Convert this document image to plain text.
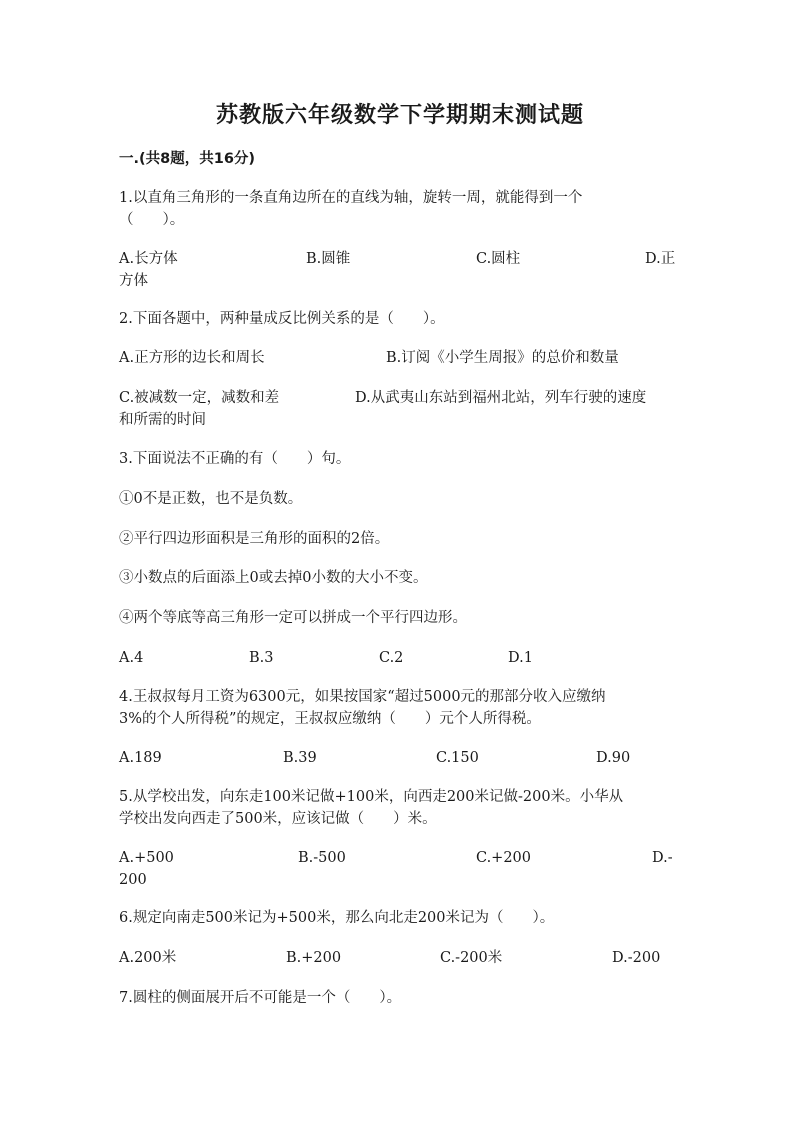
苏教版六年级数学下学期期末测试题
一.(共8题，共16分)
1.以直角三角形的一条直角边所在的直线为轴，旋转一周，就能得到一个
（　　）。
A.长方体	B.圆锥	C.圆柱	D.正
方体
2.下面各题中，两种量成反比例关系的是（　　）。
A.正方形的边长和周长	B.订阅《小学生周报》的总价和数量
C.被减数一定，减数和差	D.从武夷山东站到福州北站，列车行驶的速度
和所需的时间
3.下面说法不正确的有（　　）句。
①0不是正数，也不是负数。
②平行四边形面积是三角形的面积的2倍。
③小数点的后面添上0或去掉0小数的大小不变。
④两个等底等高三角形一定可以拼成一个平行四边形。
A.4	B.3	C.2	D.1
4.王叔叔每月工资为6300元，如果按国家“超过5000元的那部分收入应缴纳
3%的个人所得税”的规定，王叔叔应缴纳（　　）元个人所得税。
A.189	B.39	C.150	D.90
5.从学校出发，向东走100米记做+100米，向西走200米记做-200米。小华从
学校出发向西走了500米，应该记做（　　）米。
A.+500	B.-500	C.+200	D.-
200
6.规定向南走500米记为+500米，那么向北走200米记为（　　）。
A.200米	B.+200	C.-200米	D.-200
7.圆柱的侧面展开后不可能是一个（　　）。
